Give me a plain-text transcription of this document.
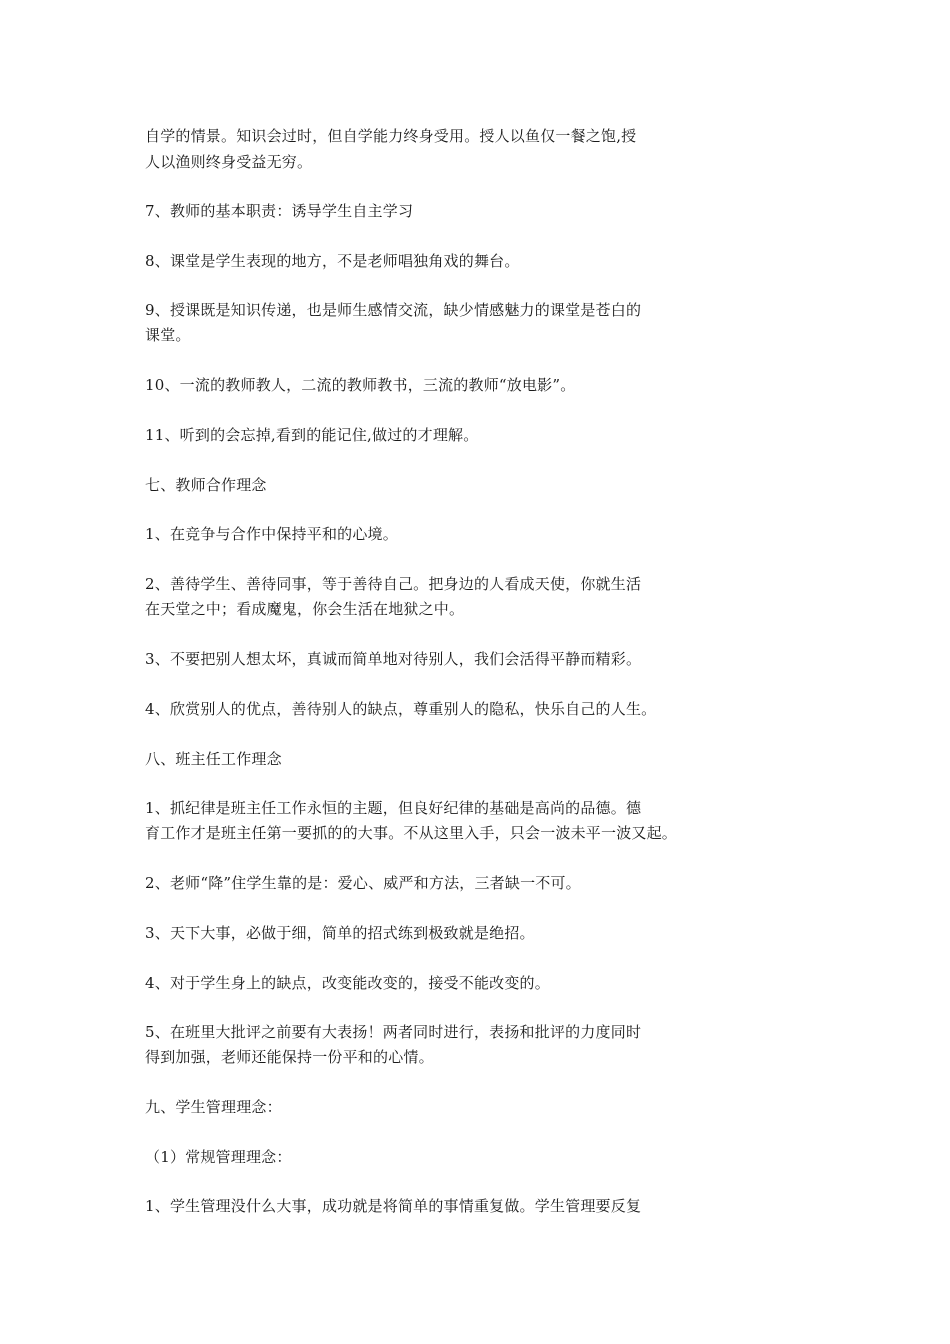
自学的情景。知识会过时，但自学能力终身受用。授人以鱼仅一餐之饱,授
人以渔则终身受益无穷。
7、教师的基本职责：诱导学生自主学习
8、课堂是学生表现的地方，不是老师唱独角戏的舞台。
9、授课既是知识传递，也是师生感情交流，缺少情感魅力的课堂是苍白的
课堂。
10、一流的教师教人，二流的教师教书，三流的教师“放电影”。
11、听到的会忘掉,看到的能记住,做过的才理解。
七、教师合作理念
1、在竞争与合作中保持平和的心境。
2、善待学生、善待同事，等于善待自己。把身边的人看成天使，你就生活
在天堂之中；看成魔鬼，你会生活在地狱之中。
3、不要把别人想太坏，真诚而简单地对待别人，我们会活得平静而精彩。
4、欣赏别人的优点，善待别人的缺点，尊重别人的隐私，快乐自己的人生。
八、班主任工作理念
1、抓纪律是班主任工作永恒的主题，但良好纪律的基础是高尚的品德。德
育工作才是班主任第一要抓的的大事。不从这里入手，只会一波未平一波又起。
2、老师“降”住学生靠的是：爱心、威严和方法，三者缺一不可。
3、天下大事，必做于细，简单的招式练到极致就是绝招。
4、对于学生身上的缺点，改变能改变的，接受不能改变的。
5、在班里大批评之前要有大表扬！两者同时进行，表扬和批评的力度同时
得到加强，老师还能保持一份平和的心情。
九、学生管理理念：
（1）常规管理理念：
1、学生管理没什么大事，成功就是将简单的事情重复做。学生管理要反复
